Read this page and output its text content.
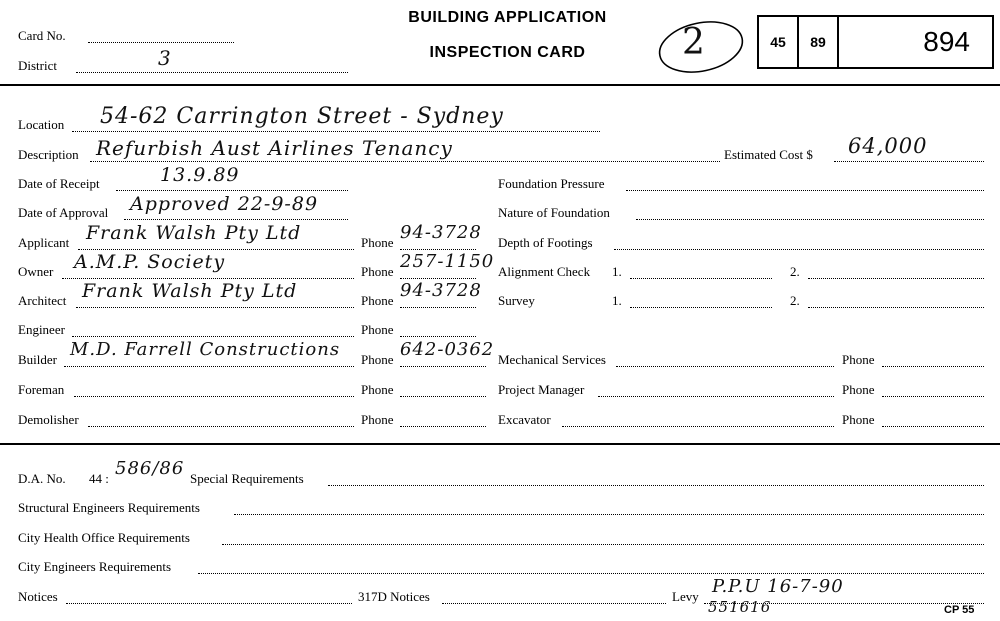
Card No.
District	3
BUILDING APPLICATION
INSPECTION CARD	2	45	89	894
Location 54-62 Carrington Street - Sydney
Description Refurbish Aust Airlines Tenancy	Estimated Cost $ 64,000
Date of Receipt	13.9.89
Date of Approval Approved 22-9-89
Applicant Frank Walsh Pty Ltd	Phone 94-3728
Owner A.M.P. Society	Phone 257-1150
Architect Frank Walsh Pty Ltd	Phone 94-3728
Engineer	Phone
Builder M.D. Farrell Constructions Phone 642-0362
Foreman	Phone
Demolisher	Phone
Foundation Pressure
Nature of Foundation
Depth of Footings
Alignment Check 1.	2.
Survey	1.	2.
Mechanical Services	Phone
Project Manager	Phone
Excavator	Phone
D.A. No. 44 : 586/86 Special Requirements
Structural Engineers Requirements
City Health Office Requirements
City Engineers Requirements
Notices	317D Notices	Levy P.P.U 16-7-90
551616	CP 55
